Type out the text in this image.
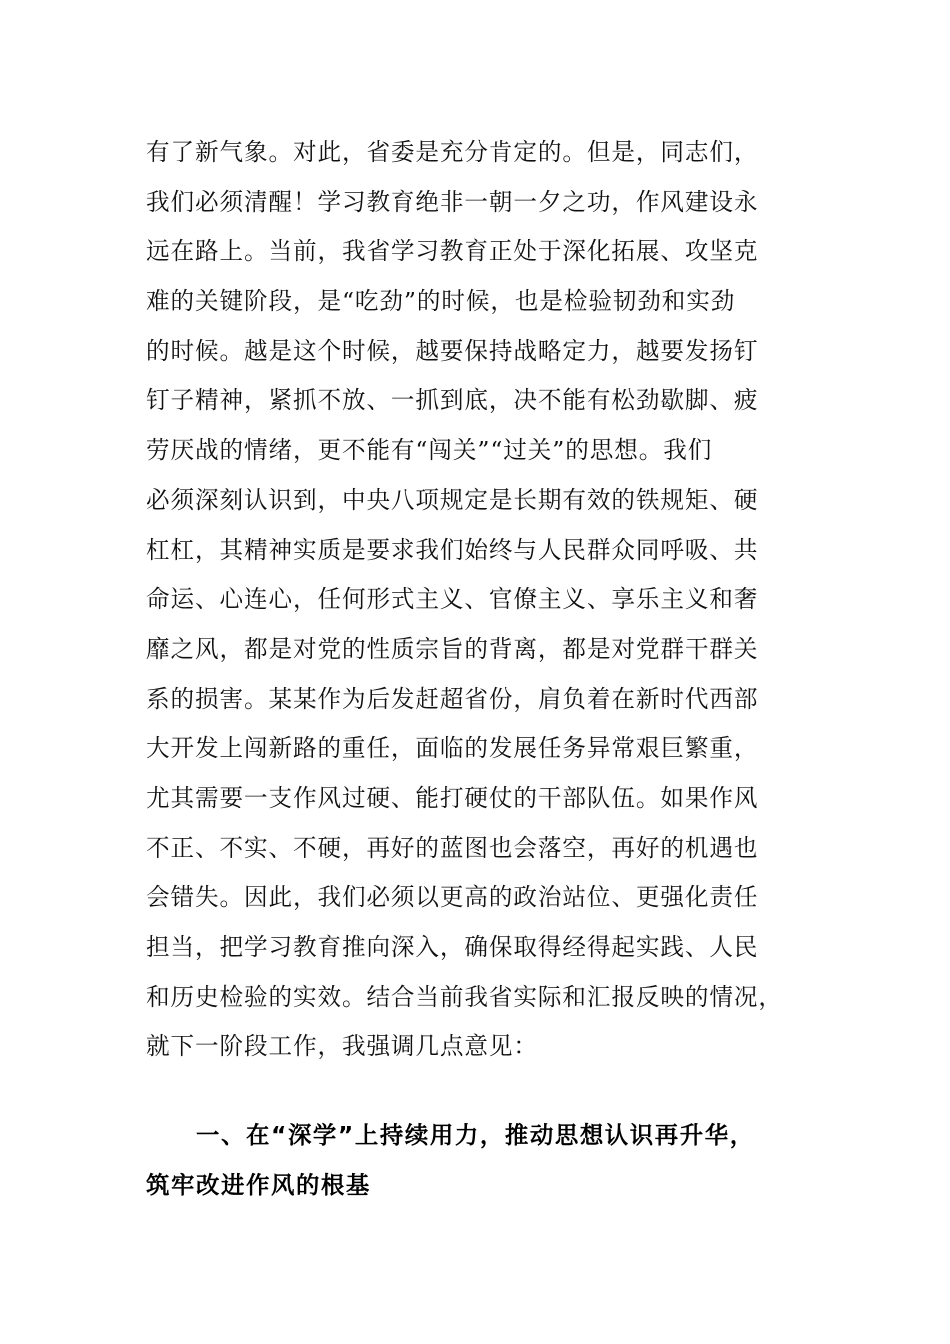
有了新气象。对此，省委是充分肯定的。但是，同志们，
我们必须清醒！学习教育绝非一朝一夕之功，作风建设永
远在路上。当前，我省学习教育正处于深化拓展、攻坚克
难的关键阶段，是“吃劲”的时候，也是检验韧劲和实劲
的时候。越是这个时候，越要保持战略定力，越要发扬钉
钉子精神，紧抓不放、一抓到底，决不能有松劲歇脚、疲
劳厌战的情绪，更不能有“闯关”“过关”的思想。我们
必须深刻认识到，中央八项规定是长期有效的铁规矩、硬
杠杠，其精神实质是要求我们始终与人民群众同呼吸、共
命运、心连心，任何形式主义、官僚主义、享乐主义和奢
靡之风，都是对党的性质宗旨的背离，都是对党群干群关
系的损害。某某作为后发赶超省份，肩负着在新时代西部
大开发上闯新路的重任，面临的发展任务异常艰巨繁重，
尤其需要一支作风过硬、能打硬仗的干部队伍。如果作风
不正、不实、不硬，再好的蓝图也会落空，再好的机遇也
会错失。因此，我们必须以更高的政治站位、更强化责任
担当，把学习教育推向深入，确保取得经得起实践、人民
和历史检验的实效。结合当前我省实际和汇报反映的情况，
就下一阶段工作，我强调几点意见：
一、在“深学”上持续用力，推动思想认识再升华，
筑牢改进作风的根基
